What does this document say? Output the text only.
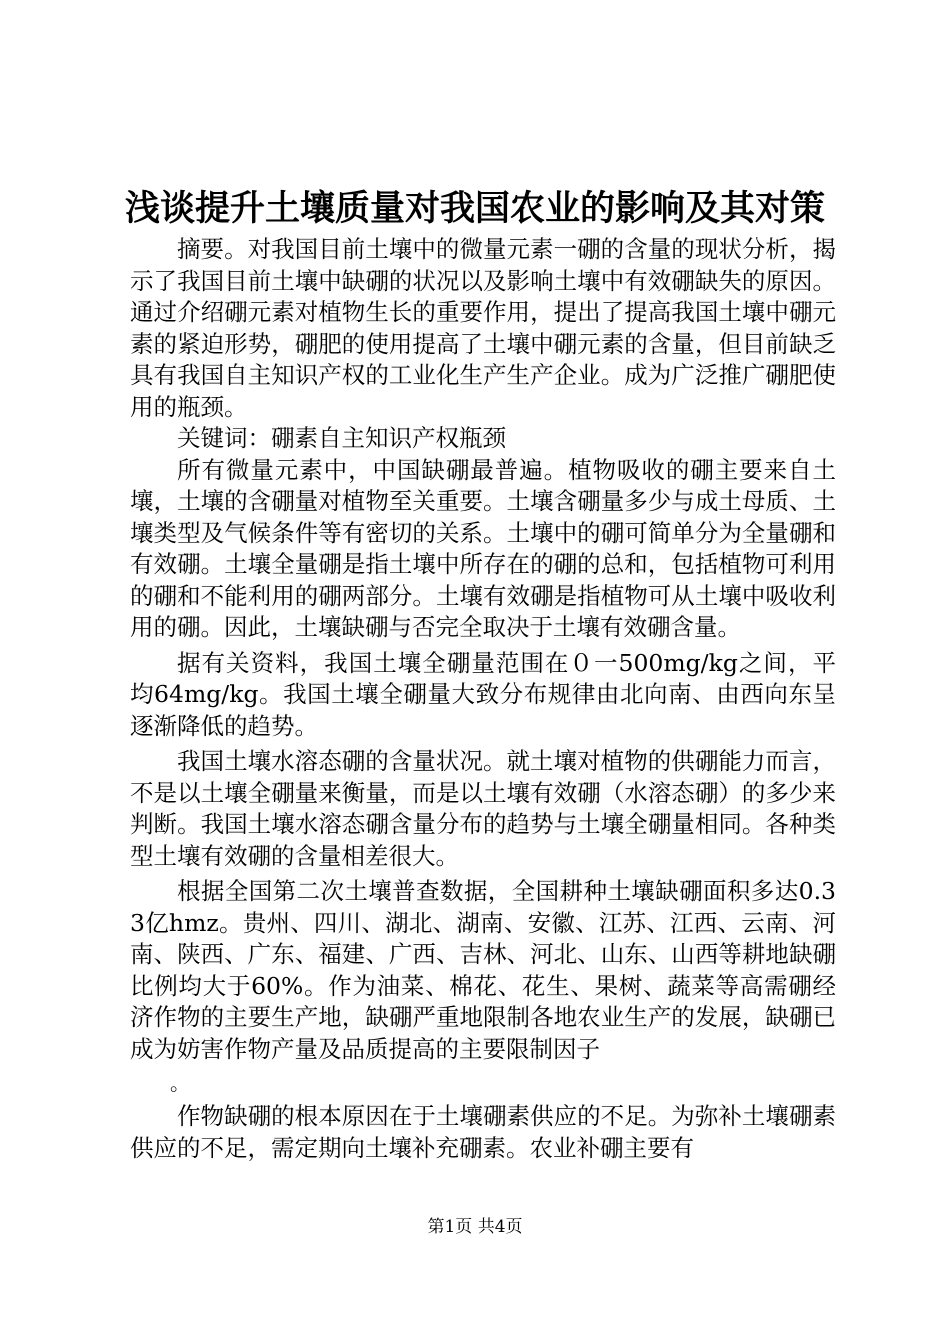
浅谈提升土壤质量对我国农业的影响及其对策

摘要。对我国目前土壤中的微量元素一硼的含量的现状分析，揭示了我国目前土壤中缺硼的状况以及影响土壤中有效硼缺失的原因。通过介绍硼元素对植物生长的重要作用，提出了提高我国土壤中硼元素的紧迫形势，硼肥的使用提高了土壤中硼元素的含量，但目前缺乏具有我国自主知识产权的工业化生产生产企业。成为广泛推广硼肥使用的瓶颈。

关键词：硼素自主知识产权瓶颈

所有微量元素中，中国缺硼最普遍。植物吸收的硼主要来自土壤，土壤的含硼量对植物至关重要。土壤含硼量多少与成土母质、土壤类型及气候条件等有密切的关系。土壤中的硼可简单分为全量硼和有效硼。土壤全量硼是指土壤中所存在的硼的总和，包括植物可利用的硼和不能利用的硼两部分。土壤有效硼是指植物可从土壤中吸收利用的硼。因此，土壤缺硼与否完全取决于土壤有效硼含量。

据有关资料，我国土壤全硼量范围在０一500mg/kg之间，平均64mg/kg。我国土壤全硼量大致分布规律由北向南、由西向东呈逐渐降低的趋势。

我国土壤水溶态硼的含量状况。就土壤对植物的供硼能力而言，不是以土壤全硼量来衡量，而是以土壤有效硼（水溶态硼）的多少来判断。我国土壤水溶态硼含量分布的趋势与土壤全硼量相同。各种类型土壤有效硼的含量相差很大。

根据全国第二次土壤普查数据，全国耕种土壤缺硼面积多达0.33亿hmz。贵州、四川、湖北、湖南、安徽、江苏、江西、云南、河南、陕西、广东、福建、广西、吉林、河北、山东、山西等耕地缺硼比例均大于60%。作为油菜、棉花、花生、果树、蔬菜等高需硼经济作物的主要生产地，缺硼严重地限制各地农业生产的发展，缺硼已成为妨害作物产量及品质提高的主要限制因子

。

作物缺硼的根本原因在于土壤硼素供应的不足。为弥补土壤硼素供应的不足，需定期向土壤补充硼素。农业补硼主要有

第1页 共4页
